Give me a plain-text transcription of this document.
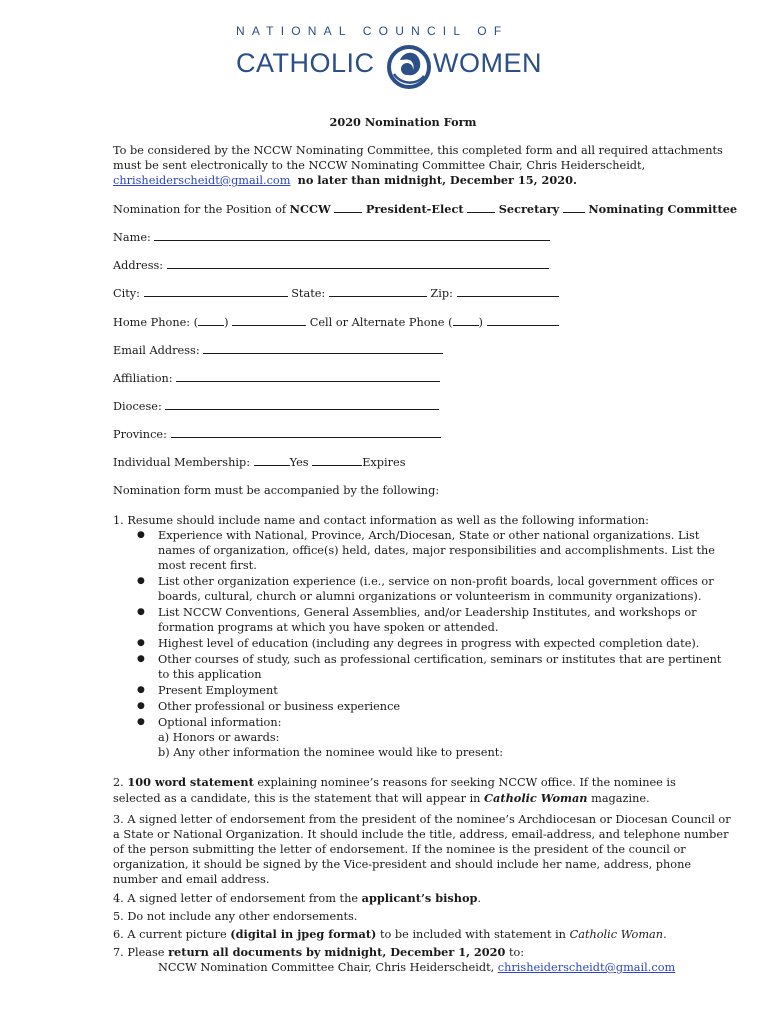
NATIONAL COUNCIL OF
CATHOLIC WOMEN
2020 Nomination Form
To be considered by the NCCW Nominating Committee, this completed form and all required attachments
must be sent electronically to the NCCW Nominating Committee Chair, Chris Heiderscheidt,
chrisheiderscheidt@gmail.com no later than midnight, December 15, 2020.
Nomination for the Position of NCCW	President-Elect	Secretary	Nominating Committee
Name:
Address:
City:	State:	Zip:
Home Phone: ( )	Cell or Alternate Phone ( )
Email Address:
Affiliation:
Diocese:
Province:
Individual Membership:	Yes	Expires
Nomination form must be accompanied by the following:
1. Resume should include name and contact information as well as the following information:
● Experience with National, Province, Arch/Diocesan, State or other national organizations. List
names of organization, office(s) held, dates, major responsibilities and accomplishments. List the
most recent first.
● List other organization experience (i.e., service on non-profit boards, local government offices or
boards, cultural, church or alumni organizations or volunteerism in community organizations).
● List NCCW Conventions, General Assemblies, and/or Leadership Institutes, and workshops or
formation programs at which you have spoken or attended.
● Highest level of education (including any degrees in progress with expected completion date).
● Other courses of study, such as professional certification, seminars or institutes that are pertinent
to this application
● Present Employment
● Other professional or business experience
● Optional information:
a) Honors or awards:
b) Any other information the nominee would like to present:
2. 100 word statement explaining nominee’s reasons for seeking NCCW office. If the nominee is
selected as a candidate, this is the statement that will appear in Catholic Woman magazine.
3. A signed letter of endorsement from the president of the nominee’s Archdiocesan or Diocesan Council or
a State or National Organization. It should include the title, address, email-address, and telephone number
of the person submitting the letter of endorsement. If the nominee is the president of the council or
organization, it should be signed by the Vice-president and should include her name, address, phone
number and email address.
4. A signed letter of endorsement from the applicant’s bishop.
5. Do not include any other endorsements.
6. A current picture (digital in jpeg format) to be included with statement in Catholic Woman.
7. Please return all documents by midnight, December 1, 2020 to:
NCCW Nomination Committee Chair, Chris Heiderscheidt, chrisheiderscheidt@gmail.com
